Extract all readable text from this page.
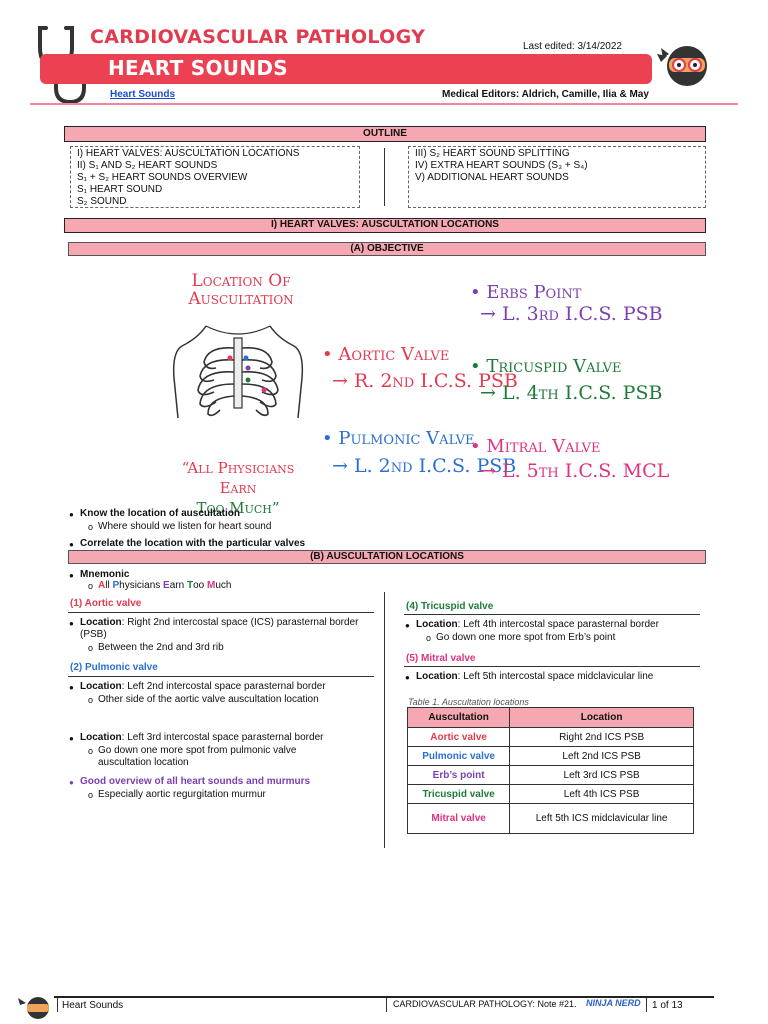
CARDIOVASCULAR PATHOLOGY
HEART SOUNDS
Last edited: 3/14/2022
Heart Sounds	Medical Editors: Aldrich, Camille, Ilia & May
OUTLINE
I) HEART VALVES: AUSCULTATION LOCATIONS
II) S₁ AND S₂ HEART SOUNDS
S₁ + S₂ HEART SOUNDS OVERVIEW
S₁ HEART SOUND
S₂ SOUND
III) S₂ HEART SOUND SPLITTING
IV) EXTRA HEART SOUNDS (S₃ + S₄)
V) ADDITIONAL HEART SOUNDS
I) HEART VALVES: AUSCULTATION LOCATIONS
(A) OBJECTIVE
Location Of
Auscultation
“All Physicians Earn
Too Much”
• Aortic Valve
→ R. 2nd I.C.S. PSB
• Pulmonic Valve
→ L. 2nd I.C.S. PSB
• Erbs Point
→ L. 3rd I.C.S. PSB
• Tricuspid Valve
→ L. 4th I.C.S. PSB
• Mitral Valve
→ L. 5th I.C.S. MCL
● Know the location of auscultation
o Where should we listen for heart sound
● Correlate the location with the particular valves
(B) AUSCULTATION LOCATIONS
● Mnemonic
o All Physicians Earn Too Much
(1) Aortic valve
● Location: Right 2nd intercostal space (ICS) parasternal border (PSB)
o Between the 2nd and 3rd rib
(2) Pulmonic valve
● Location: Left 2nd intercostal space parasternal border
o Other side of the aortic valve auscultation location
● Location: Left 3rd intercostal space parasternal border
o Go down one more spot from pulmonic valve auscultation location
● Good overview of all heart sounds and murmurs
o Especially aortic regurgitation murmur
(4) Tricuspid valve
● Location: Left 4th intercostal space parasternal border
o Go down one more spot from Erb’s point
(5) Mitral valve
● Location: Left 5th intercostal space midclavicular line
Table 1. Auscultation locations
Auscultation	Location
Aortic valve	Right 2nd ICS PSB
Pulmonic valve	Left 2nd ICS PSB
Erb’s point	Left 3rd ICS PSB
Tricuspid valve	Left 4th ICS PSB
Mitral valve	Left 5th ICS midclavicular line
Heart Sounds	CARDIOVASCULAR PATHOLOGY: Note #21. NINJA NERD 1 of 13
